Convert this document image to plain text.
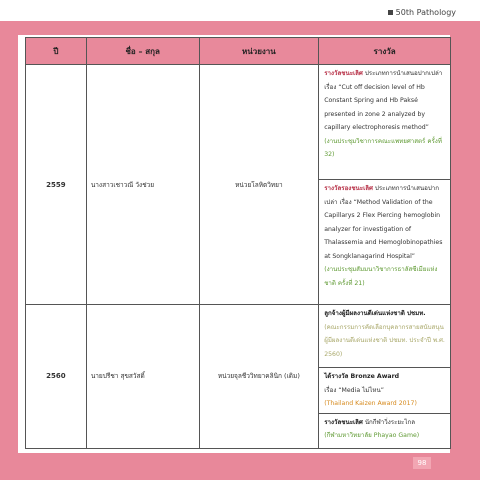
50th Pathology
98
ปี	ชื่อ – สกุล	หน่วยงาน	รางวัล
2559	นางสาวเชาวณี วังช่วย	หน่วยโลหิตวิทยา	รางวัลชนะเลิศ ประเภทการนำเสนอปากเปล่า เรื่อง “Cut off decision level of Hb Constant Spring and Hb Paksé presented in zone 2 analyzed by capillary electrophoresis method”
(งานประชุมวิชาการคณะแพทยศาสตร์ ครั้งที่ 32)

			รางวัลรองชนะเลิศ ประเภทการนำเสนอปากเปล่า เรื่อง “Method Validation of the Capillarys 2 Flex Piercing hemoglobin analyzer for investigation of Thalassemia and Hemoglobinopathies at Songklanagarind Hospital”
(งานประชุมสัมมนาวิชาการธาลัสซีเมียแห่งชาติ ครั้งที่ 21)

2560	นายปรีชา สุขสวัสดิ์	หน่วยจุลชีววิทยาคลินิก (เดิม)	ลูกจ้างผู้มีผลงานดีเด่นแห่งชาติ ปชมท.
(คณะกรรมการคัดเลือกบุคลากรสายสนับสนุนผู้มีผลงานดีเด่นแห่งชาติ ปชมท. ประจำปี พ.ศ. 2560)

			ได้รางวัล Bronze Award
เรื่อง “Media ไม่ไหน”
(Thailand Kaizen Award 2017)

			รางวัลชนะเลิศ นักกีฬาวิ่งระยะไกล
(กีฬามหาวิทยาลัย Phayao Game)
